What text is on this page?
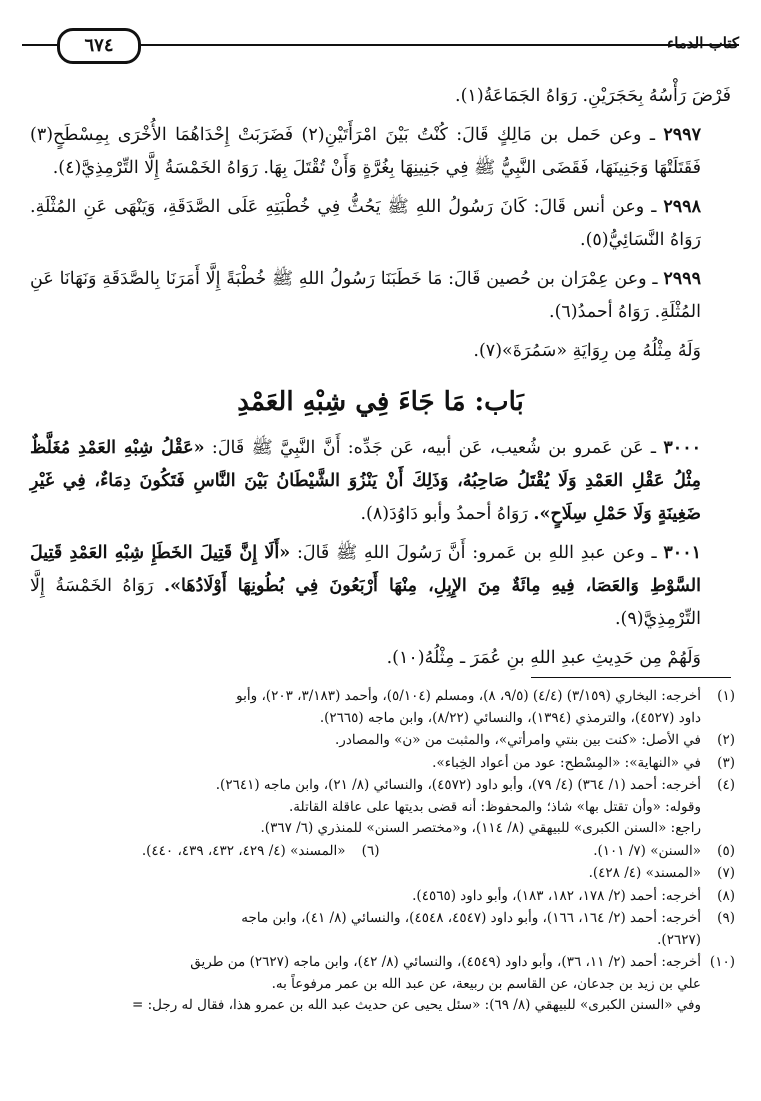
كتاب الدماء
٦٧٤

فَرْضَ رَأْسُهُ بِحَجَرَيْنِ. رَوَاهُ الجَمَاعَةُ(١).

٢٩٩٧ ـ وعن حَمل بن مَالِكٍ قَالَ: كُنْتُ بَيْنَ امْرَأَتَيْنِ(٢) فَضَرَبَتْ إِحْدَاهُمَا الأُخْرَى بِمِسْطَحٍ(٣) فَقَتَلَتْهَا وَجَنِينَهَا، فَقَضَى النَّبِيُّ ﷺ فِي جَنِينِهَا بِغُرَّةٍ وَأَنْ تُقْتَلَ بِهَا. رَوَاهُ الخَمْسَةُ إِلَّا التِّرْمِذِيَّ(٤).

٢٩٩٨ ـ وعن أنس قَالَ: كَانَ رَسُولُ اللهِ ﷺ يَحُثُّ فِي خُطْبَتِهِ عَلَى الصَّدَقَةِ، وَيَنْهَى عَنِ المُثْلَةِ. رَوَاهُ النَّسَائِيُّ(٥).

٢٩٩٩ ـ وعن عِمْرَان بن حُصين قَالَ: مَا خَطَبَنَا رَسُولُ اللهِ ﷺ خُطْبَةً إِلَّا أَمَرَنَا بِالصَّدَقَةِ وَنَهَانَا عَنِ المُثْلَةِ. رَوَاهُ أحمدُ(٦).

وَلَهُ مِثْلُهُ مِن رِوَايَةِ «سَمُرَةَ»(٧).

بَاب: مَا جَاءَ فِي شِبْهِ العَمْدِ

٣٠٠٠ ـ عَن عَمرو بن شُعيب، عَن أبيه، عَن جَدِّه: أَنَّ النَّبِيَّ ﷺ قَالَ: «عَقْلُ شِبْهِ العَمْدِ مُغَلَّظٌ مِثْلُ عَقْلِ العَمْدِ وَلَا يُقْتَلُ صَاحِبُهُ، وَذَلِكَ أَنْ يَنْزُوَ الشَّيْطَانُ بَيْنَ النَّاسِ فَتَكُونَ دِمَاءٌ، فِي غَيْرِ ضَغِينَةٍ وَلَا حَمْلِ سِلَاحٍ». رَوَاهُ أحمدُ وأبو دَاوُدَ(٨).

٣٠٠١ ـ وعن عبدِ اللهِ بن عَمرو: أَنَّ رَسُولَ اللهِ ﷺ قَالَ: «أَلَا إِنَّ قَتِيلَ الخَطَإِ شِبْهِ العَمْدِ قَتِيلَ السَّوْطِ وَالعَصَا، فِيهِ مِائَةٌ مِنَ الإِبِلِ، مِنْهَا أَرْبَعُونَ فِي بُطُونِهَا أَوْلَادُهَا». رَوَاهُ الخَمْسَةُ إِلَّا التِّرْمِذِيَّ(٩).

وَلَهُمْ مِن حَدِيثِ عبدِ اللهِ بنِ عُمَرَ ـ مِثْلُهُ(١٠).

(١)
أخرجه: البخاري (٣/١٥٩) (٤/٤) (٩/٥، ٨)، ومسلم (٥/١٠٤)، وأحمد (٣/١٨٣، ٢٠٣)، وأبو
داود (٤٥٢٧)، والترمذي (١٣٩٤)، والنسائي (٨/٢٢)، وابن ماجه (٢٦٦٥).
(٢)
في الأصل: «كنت بين بنتي وامرأتي»، والمثبت من «ن» والمصادر.
(٣)
في «النهاية»: «المِسْطح: عود من أعواد الخِباء».
(٤)
أخرجه: أحمد (١/ ٣٦٤) (٤/ ٧٩)، وأبو داود (٤٥٧٢)، والنسائي (٨/ ٢١)، وابن ماجه (٢٦٤١).
وقوله: «وأن تقتل بها» شاذ؛ والمحفوظ: أنه قضى بديتها على عاقلة القاتلة.
راجع: «السنن الكبرى» للبيهقي (٨/ ١١٤)، و«مختصر السنن» للمنذري (٦/ ٣٦٧).
(٥)
«السنن» (٧/ ١٠١).
(٦)
«المسند» (٤/ ٤٢٩، ٤٣٢، ٤٣٩، ٤٤٠).
(٧)
«المسند» (٤/ ٤٢٨).
(٨)
أخرجه: أحمد (٢/ ١٧٨، ١٨٢، ١٨٣)، وأبو داود (٤٥٦٥).
(٩)
أخرجه: أحمد (٢/ ١٦٤، ١٦٦)، وأبو داود (٤٥٤٧، ٤٥٤٨)، والنسائي (٨/ ٤١)، وابن ماجه
(٢٦٢٧).
(١٠)
أخرجه: أحمد (٢/ ١١، ٣٦)، وأبو داود (٤٥٤٩)، والنسائي (٨/ ٤٢)، وابن ماجه (٢٦٢٧) من طريق
علي بن زيد بن جدعان، عن القاسم بن ربيعة، عن عبد الله بن عمر مرفوعاً به.
وفي «السنن الكبرى» للبيهقي (٨/ ٦٩): «سئل يحيى عن حديث عبد الله بن عمرو هذا، فقال له رجل: =
